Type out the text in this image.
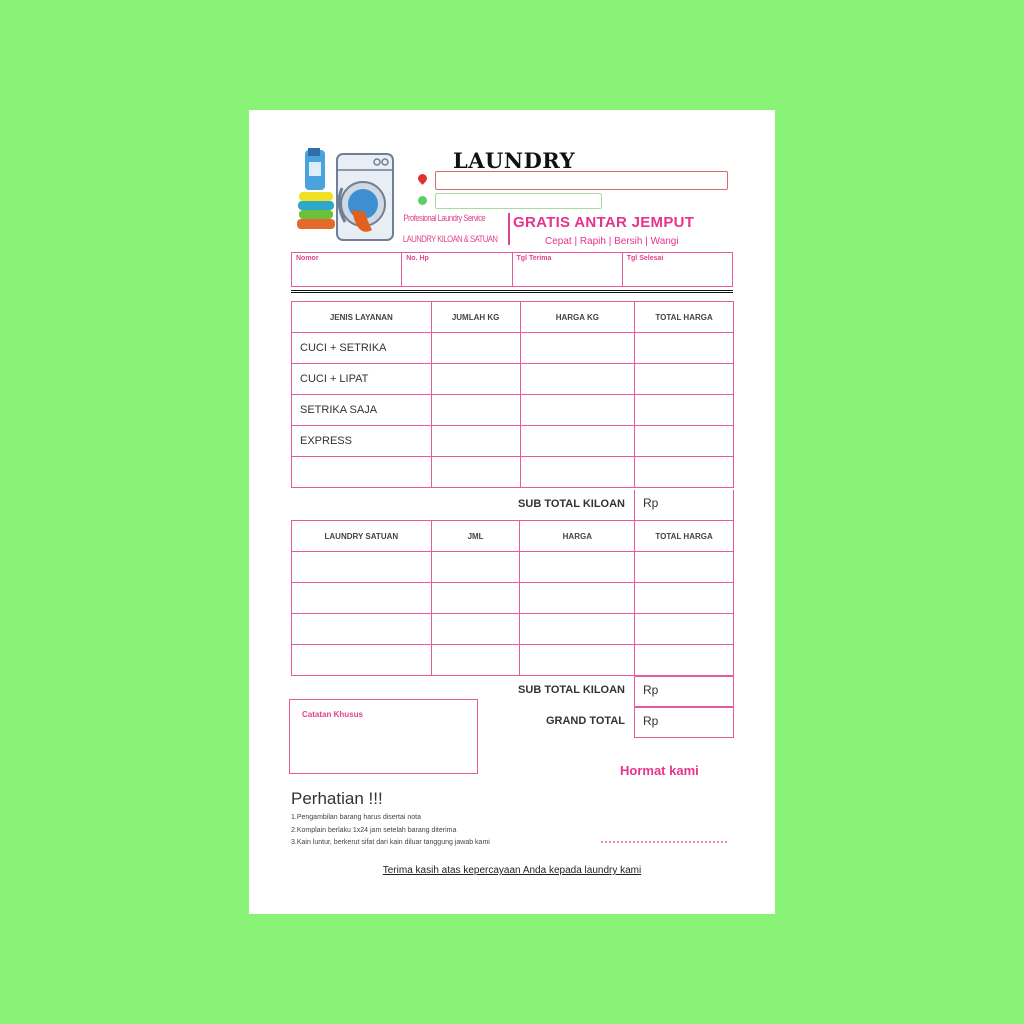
LAUNDRY
Profesional Laundry Service
LAUNDRY KILOAN & SATUAN
GRATIS ANTAR JEMPUT
Cepat | Rapih | Bersih | Wangi
Nomor	No. Hp	Tgl Terima	Tgl Selesai
JENIS LAYANAN	JUMLAH KG	HARGA KG	TOTAL HARGA
CUCI + SETRIKA			
CUCI + LIPAT			
SETRIKA SAJA			
EXPRESS			

SUB TOTAL KILOAN	Rp
LAUNDRY SATUAN	JML	HARGA	TOTAL HARGA

SUB TOTAL KILOAN	Rp
GRAND TOTAL	Rp
Catatan Khusus
Hormat kami
Perhatian !!!
1.Pengambilan barang harus disertai nota
2.Komplain berlaku 1x24 jam setelah barang diterima
3.Kain luntur, berkerut sifat dari kain diluar tanggung jawab kami
Terima kasih atas kepercayaan Anda kepada laundry kami
